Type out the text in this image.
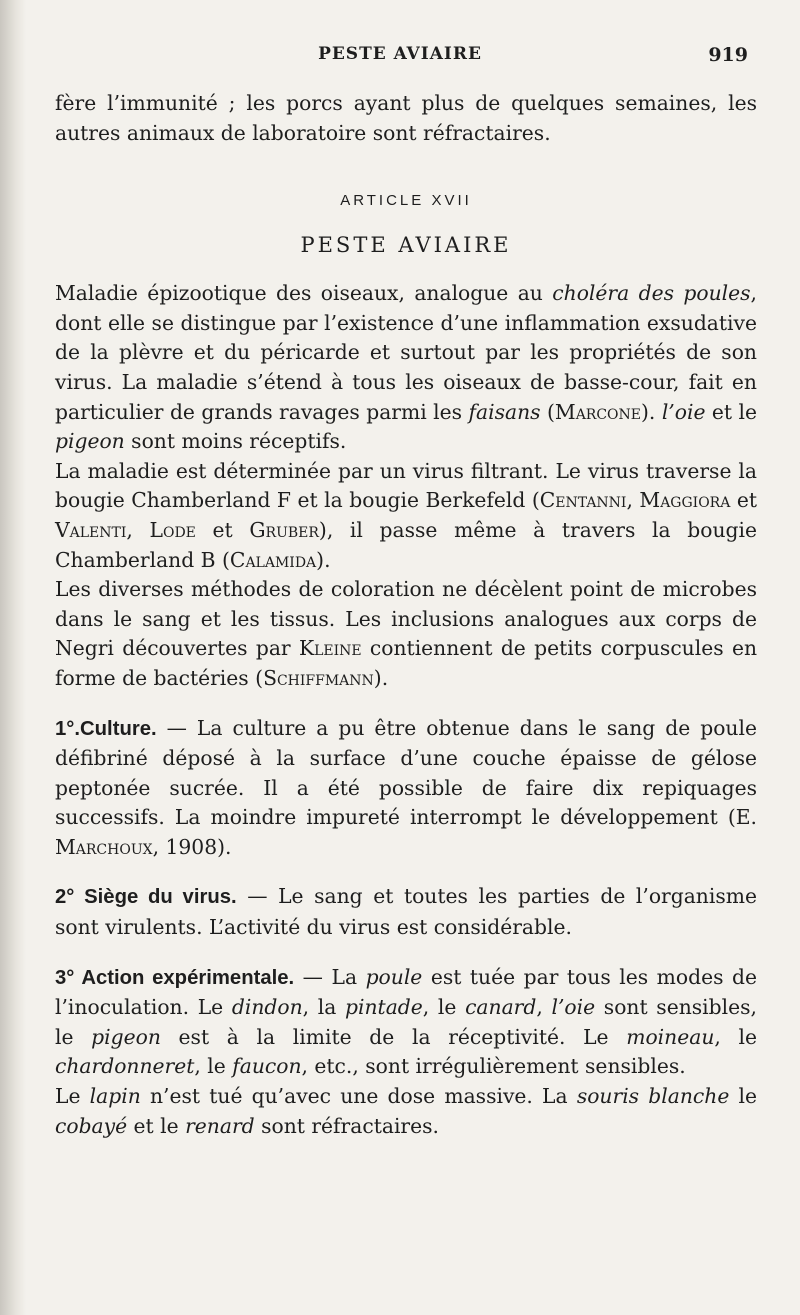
PESTE AVIAIRE	919

fère l’immunité ; les porcs ayant plus de quelques semaines, les autres animaux de laboratoire sont réfractaires.

ARTICLE XVII
PESTE AVIAIRE

Maladie épizootique des oiseaux, analogue au choléra des poules, dont elle se distingue par l’existence d’une inflammation exsudative de la plèvre et du péricarde et surtout par les propriétés de son virus. La maladie s’étend à tous les oiseaux de basse-cour, fait en particulier de grands ravages parmi les faisans (Marcone). l’oie et le pigeon sont moins réceptifs.

La maladie est déterminée par un virus filtrant. Le virus traverse la bougie Chamberland F et la bougie Berkefeld (Centanni, Maggiora et Valenti, Lode et Gruber), il passe même à travers la bougie Chamberland B (Calamida).

Les diverses méthodes de coloration ne décèlent point de microbes dans le sang et les tissus. Les inclusions analogues aux corps de Negri découvertes par Kleine contiennent de petits corpuscules en forme de bactéries (Schiffmann).

1°.Culture. — La culture a pu être obtenue dans le sang de poule défibriné déposé à la surface d’une couche épaisse de gélose peptonée sucrée. Il a été possible de faire dix repiquages successifs. La moindre impureté interrompt le développement (E. Marchoux, 1908).

2° Siège du virus. — Le sang et toutes les parties de l’organisme sont virulents. L’activité du virus est considérable.

3° Action expérimentale. — La poule est tuée par tous les modes de l’inoculation. Le dindon, la pintade, le canard, l’oie sont sensibles, le pigeon est à la limite de la réceptivité. Le moineau, le chardonneret, le faucon, etc., sont irrégulièrement sensibles.

Le lapin n’est tué qu’avec une dose massive. La souris blanche le cobayé et le renard sont réfractaires.
